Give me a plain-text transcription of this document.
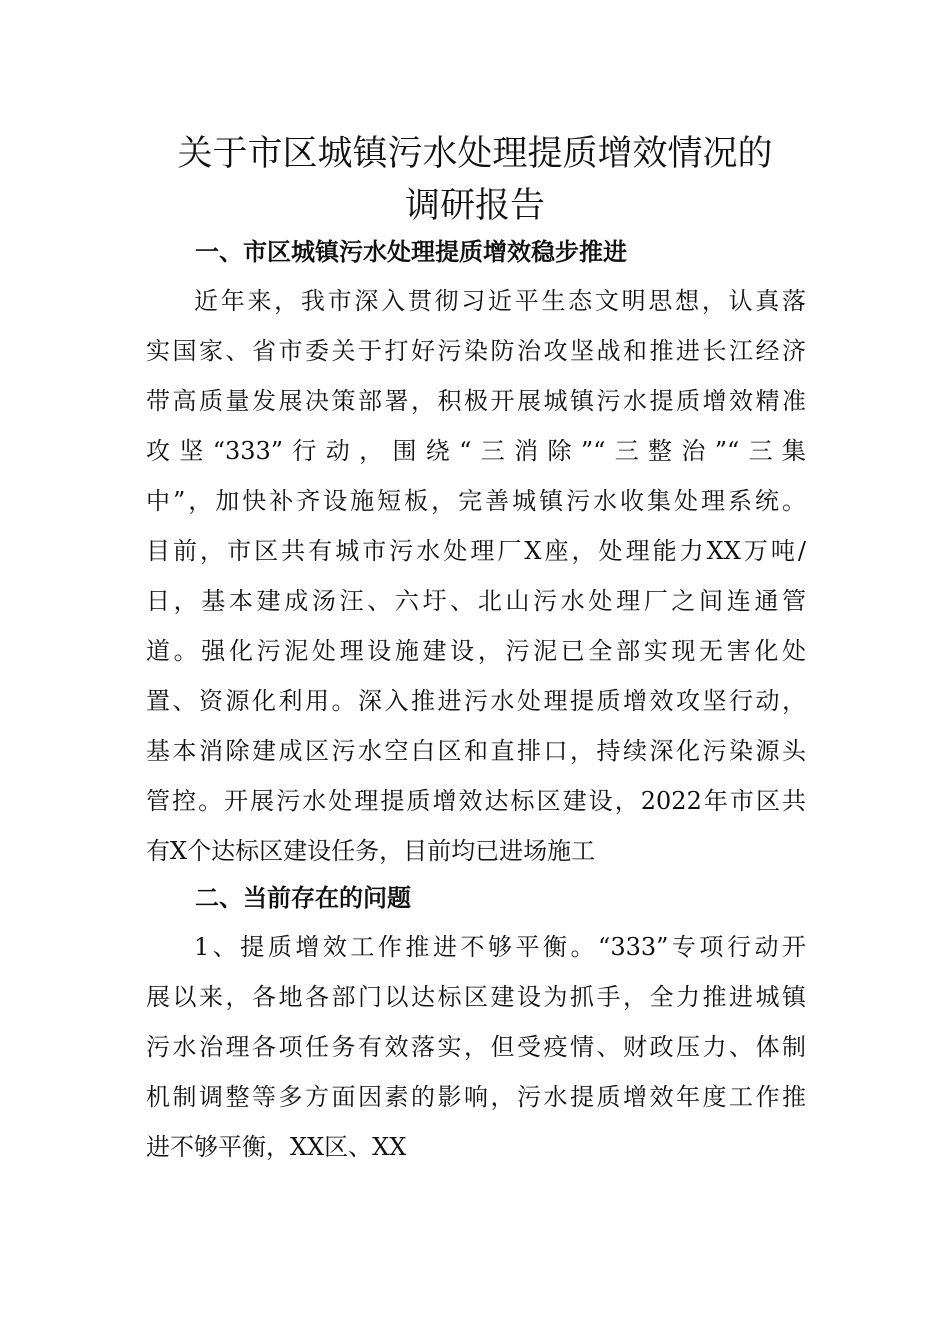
关于市区城镇污水处理提质增效情况的
调研报告
一、市区城镇污水处理提质增效稳步推进
近年来，我市深入贯彻习近平生态文明思想，认真落
实国家、省市委关于打好污染防治攻坚战和推进长江经济
带高质量发展决策部署，积极开展城镇污水提质增效精准
攻坚“333”行动，围绕“三消除”“三整治”“三集
中”，加快补齐设施短板，完善城镇污水收集处理系统。
目前，市区共有城市污水处理厂X座，处理能力XX万吨/
日，基本建成汤汪、六圩、北山污水处理厂之间连通管
道。强化污泥处理设施建设，污泥已全部实现无害化处
置、资源化利用。深入推进污水处理提质增效攻坚行动，
基本消除建成区污水空白区和直排口，持续深化污染源头
管控。开展污水处理提质增效达标区建设，2022年市区共
有X个达标区建设任务，目前均已进场施工
二、当前存在的问题
1、提质增效工作推进不够平衡。“333”专项行动开
展以来，各地各部门以达标区建设为抓手，全力推进城镇
污水治理各项任务有效落实，但受疫情、财政压力、体制
机制调整等多方面因素的影响，污水提质增效年度工作推
进不够平衡，XX区、XX
